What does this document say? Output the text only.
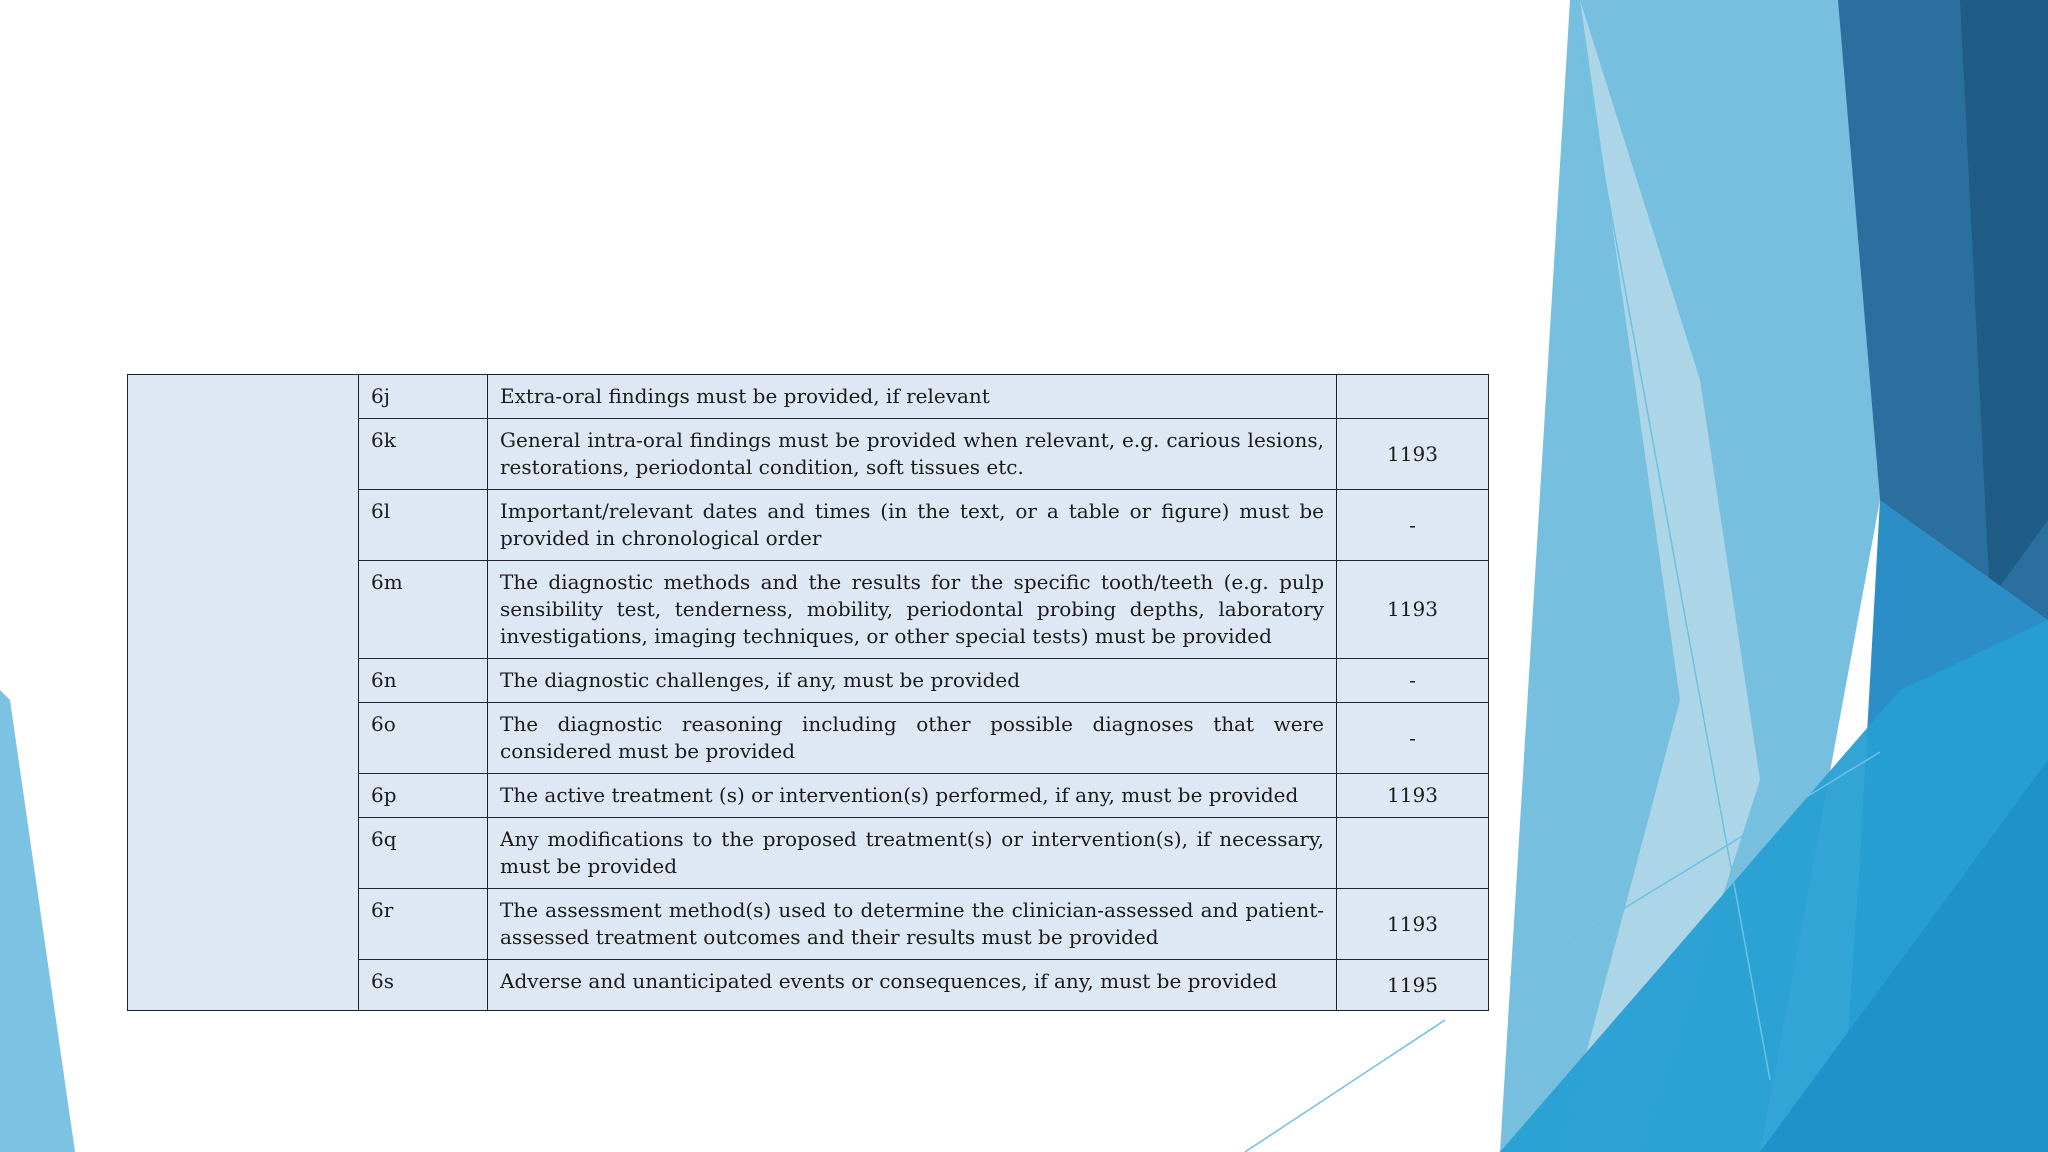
	6j	Extra-oral findings must be provided, if relevant	
	6k	General intra-oral findings must be provided when relevant, e.g. carious lesions, restorations, periodontal condition, soft tissues etc.	1193
	6l	Important/relevant dates and times (in the text, or a table or figure) must be provided in chronological order	-
	6m	The diagnostic methods and the results for the specific tooth/teeth (e.g. pulp sensibility test, tenderness, mobility, periodontal probing depths, laboratory investigations, imaging techniques, or other special tests) must be provided	1193
	6n	The diagnostic challenges, if any, must be provided	-
	6o	The diagnostic reasoning including other possible diagnoses that were considered must be provided	-
	6p	The active treatment (s) or intervention(s) performed, if any, must be provided	1193
	6q	Any modifications to the proposed treatment(s) or intervention(s), if necessary, must be provided	
	6r	The assessment method(s) used to determine the clinician-assessed and patient-assessed treatment outcomes and their results must be provided	1193
	6s	Adverse and unanticipated events or consequences, if any, must be provided	1195
